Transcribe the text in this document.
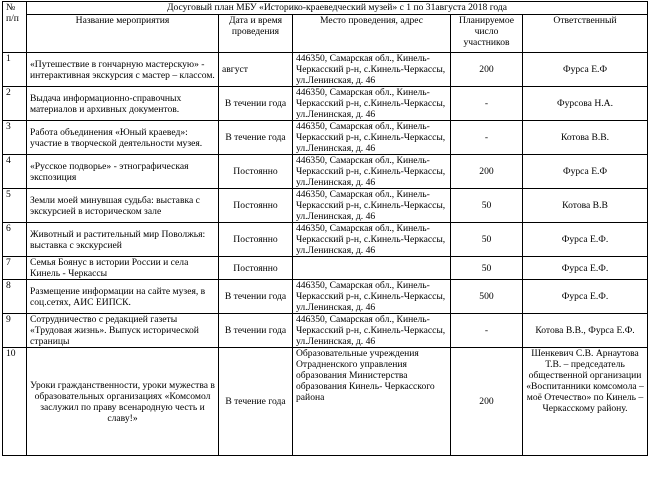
№ п/п	Досуговый план МБУ «Историко-краеведческий музей» с 1 по 31августа 2018 года				
	Название мероприятия	Дата и время проведения	Место проведения, адрес	Планируемое число участников	Ответственный
1	«Путешествие в гончарную мастерскую» - интерактивная экскурсия с мастер – классом.	август	446350, Самарская обл., Кинель-Черкасский р-н, с.Кинель-Черкассы, ул.Ленинская, д. 46	200	Фурса Е.Ф
2	Выдача информационно-справочных материалов и архивных документов.	В течении года	446350, Самарская обл., Кинель-Черкасский р-н, с.Кинель-Черкассы, ул.Ленинская, д. 46	-	Фурсова Н.А.
3	Работа объединения «Юный краевед»: участие в творческой деятельности музея.	В течение года	446350, Самарская обл., Кинель-Черкасский р-н, с.Кинель-Черкассы, ул.Ленинская, д. 46	-	Котова В.В.
4	«Русское подворье» - этнографическая экспозиция	Постоянно	446350, Самарская обл., Кинель-Черкасский р-н, с.Кинель-Черкассы, ул.Ленинская, д. 46	200	Фурса Е.Ф
5	Земли моей минувшая судьба: выставка с экскурсией в историческом зале	Постоянно	446350, Самарская обл., Кинель-Черкасский р-н, с.Кинель-Черкассы, ул.Ленинская, д. 46	50	Котова В.В
6	Животный и растительный мир Поволжья: выставка с экскурсией	Постоянно	446350, Самарская обл., Кинель-Черкасский р-н, с.Кинель-Черкассы, ул.Ленинская, д. 46	50	Фурса Е.Ф.
7	Семья Боянус в истории России и села Кинель - Черкассы	Постоянно		50	Фурса Е.Ф.
8	Размещение информации на сайте музея, в соц.сетях, АИС ЕИПСК.	В течении года	446350, Самарская обл., Кинель-Черкасский р-н, с.Кинель-Черкассы, ул.Ленинская, д. 46	500	Фурса Е.Ф.
9	Сотрудничество с редакцией газеты «Трудовая жизнь». Выпуск исторической страницы	В течении года	446350, Самарская обл., Кинель-Черкасский р-н, с.Кинель-Черкассы, ул.Ленинская, д. 46	-	Котова В.В., Фурса Е.Ф.
10	Уроки гражданственности, уроки мужества в образовательных организациях «Комсомол заслужил по праву всенародную честь и славу!»	В течение года	Образовательные учреждения Отрадненского управления образования Министерства образования Кинель- Черкасского района	200	Шенкевич С.В. Арнаутова Т.В. – председатель общественной организации «Воспитанники комсомола – моё Отечество» по Кинель – Черкасскому району.
